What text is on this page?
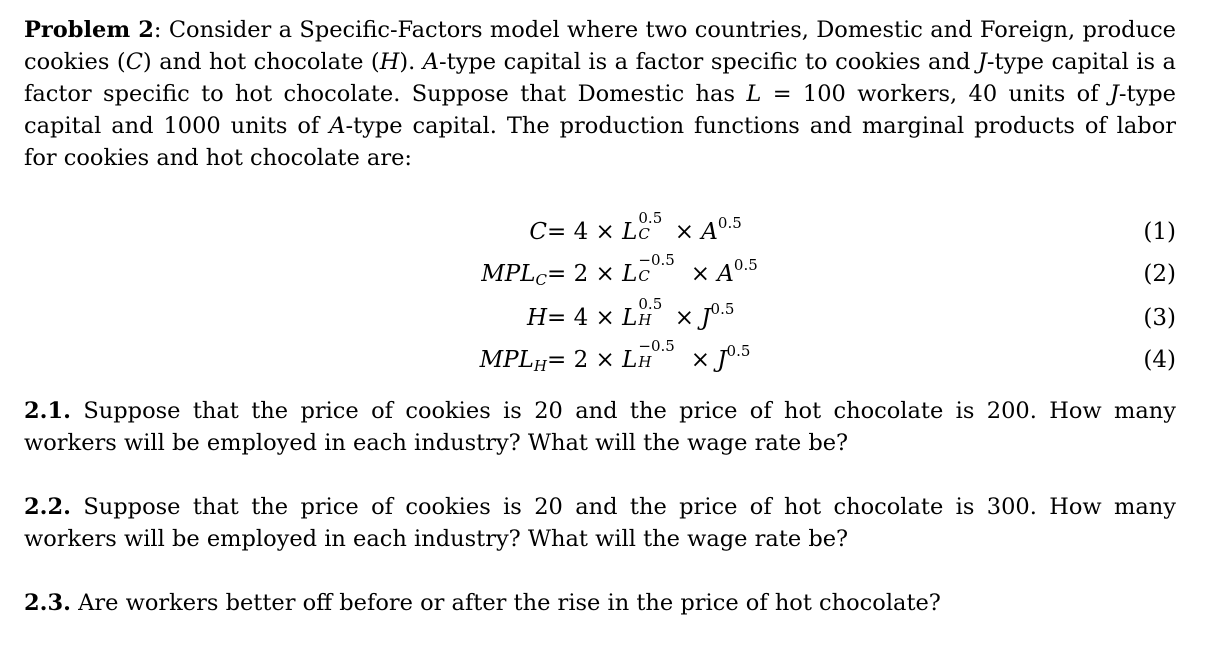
Problem 2: Consider a Specific-Factors model where two countries, Domestic and Foreign, produce cookies (C) and hot chocolate (H). A-type capital is a factor specific to cookies and J-type capital is a factor specific to hot chocolate. Suppose that Domestic has L = 100 workers, 40 units of J-type capital and 1000 units of A-type capital. The production functions and marginal products of labor for cookies and hot chocolate are:

C = 4 × L
0.5
$C \times A^{0.5}$	(1)
MPLC = 2 × L
−0.5
$C \times A^{0.5}$	(2)
H = 4 × L
0.5
$H \times J^{0.5}$	(3)
MPLH = 2 × L
−0.5
$H \times J^{0.5}$	(4)

2.1. Suppose that the price of cookies is 20 and the price of hot chocolate is 200. How many workers will be employed in each industry? What will the wage rate be?

2.2. Suppose that the price of cookies is 20 and the price of hot chocolate is 300. How many workers will be employed in each industry? What will the wage rate be?

2.3. Are workers better off before or after the rise in the price of hot chocolate?
